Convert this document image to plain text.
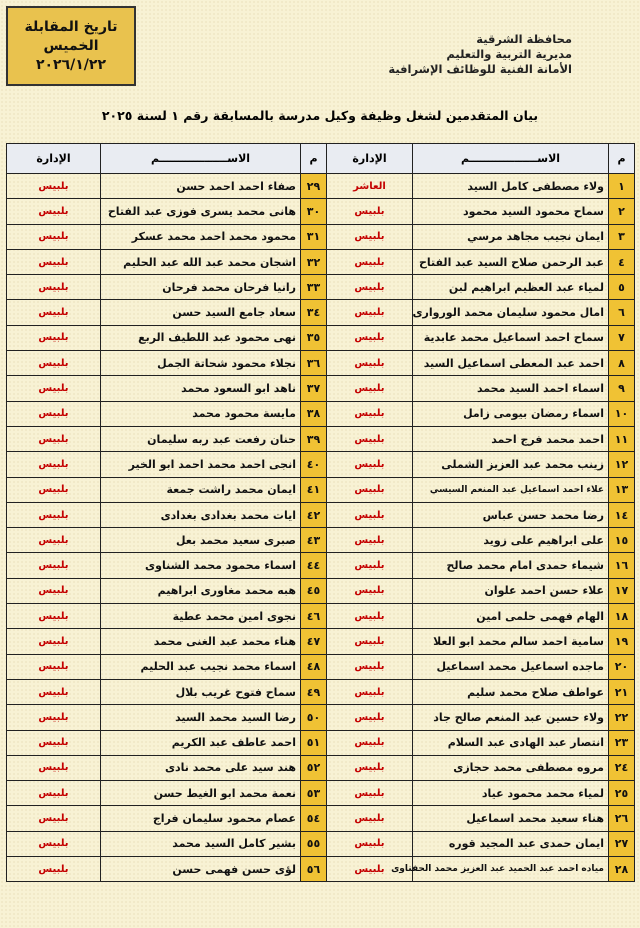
تاريخ المقابلة
الخميس
٢٠٢٦/١/٢٢
محافظة الشرقية
مديرية التربية والتعليم
الأمانة الفنية للوظائف الإشرافية
بيان المتقدمين لشغل وظيفة وكيل مدرسة بالمسابقة رقم ١ لسنة ٢٠٢٥
م	الاســــــــــــــــــم	الإدارة	م	الاســــــــــــــــــم	الإدارة
١	ولاء مصطفى كامل السيد	العاشر	٢٩	صفاء احمد احمد حسن	بلبيس
٢	سماح محمود السيد محمود	بلبيس	٣٠	هانى محمد يسرى فوزى عبد الفتاح	بلبيس
٣	ايمان نجيب مجاهد مرسي	بلبيس	٣١	محمود محمد احمد محمد عسكر	بلبيس
٤	عبد الرحمن صلاح السيد عبد الفتاح	بلبيس	٣٢	اشجان محمد عبد الله عبد الحليم	بلبيس
٥	لمياء عبد العظيم ابراهيم لبن	بلبيس	٣٣	رانيا فرحان محمد فرحان	بلبيس
٦	امال محمود سليمان محمد الوروارى	بلبيس	٣٤	سعاد جامع السيد حسن	بلبيس
٧	سماح احمد اسماعيل محمد عابدية	بلبيس	٣٥	نهى محمود عبد اللطيف الربع	بلبيس
٨	احمد عبد المعطى اسماعيل السيد	بلبيس	٣٦	نجلاء محمود شحاتة الجمل	بلبيس
٩	اسماء احمد السيد محمد	بلبيس	٣٧	ناهد ابو السعود محمد	بلبيس
١٠	اسماء رمضان بيومى زامل	بلبيس	٣٨	مايسة محمود محمد	بلبيس
١١	احمد محمد فرج احمد	بلبيس	٣٩	حنان رفعت عبد ربه سليمان	بلبيس
١٢	زينب محمد عبد العزيز الشملى	بلبيس	٤٠	انجى احمد محمد احمد ابو الخير	بلبيس
١٣	علاء احمد اسماعيل عبد المنعم السيسي	بلبيس	٤١	ايمان محمد راشت جمعة	بلبيس
١٤	رضا محمد حسن عباس	بلبيس	٤٢	ايات محمد بغدادى بغدادى	بلبيس
١٥	على ابراهيم على زويد	بلبيس	٤٣	صبرى سعيد محمد بعل	بلبيس
١٦	شيماء حمدى امام محمد صالح	بلبيس	٤٤	اسماء محمود محمد الشناوى	بلبيس
١٧	علاء حسن احمد علوان	بلبيس	٤٥	هبه محمد مغاورى ابراهيم	بلبيس
١٨	الهام فهمى حلمى امين	بلبيس	٤٦	نجوى امين محمد عطية	بلبيس
١٩	سامية احمد سالم محمد ابو العلا	بلبيس	٤٧	هناء محمد عبد الغنى محمد	بلبيس
٢٠	ماجده اسماعيل محمد اسماعيل	بلبيس	٤٨	اسماء محمد نجيب عبد الحليم	بلبيس
٢١	عواطف صلاح محمد سليم	بلبيس	٤٩	سماح فتوح غريب بلال	بلبيس
٢٢	ولاء حسين عبد المنعم صالح جاد	بلبيس	٥٠	رضا السيد محمد السيد	بلبيس
٢٣	انتصار عبد الهادى عبد السلام	بلبيس	٥١	احمد عاطف عبد الكريم	بلبيس
٢٤	مروه مصطفى محمد حجازى	بلبيس	٥٢	هند سيد على محمد نادى	بلبيس
٢٥	لمياء محمد محمود عياد	بلبيس	٥٣	نعمة محمد ابو الغيط حسن	بلبيس
٢٦	هناء سعيد محمد اسماعيل	بلبيس	٥٤	عصام محمود سليمان فراج	بلبيس
٢٧	ايمان حمدى عبد المجيد قوره	بلبيس	٥٥	بشير كامل السيد محمد	بلبيس
٢٨	مياده احمد عبد الحميد عبد العزيز محمد الحفناوى	بلبيس	٥٦	لؤى حسن فهمى حسن	بلبيس
